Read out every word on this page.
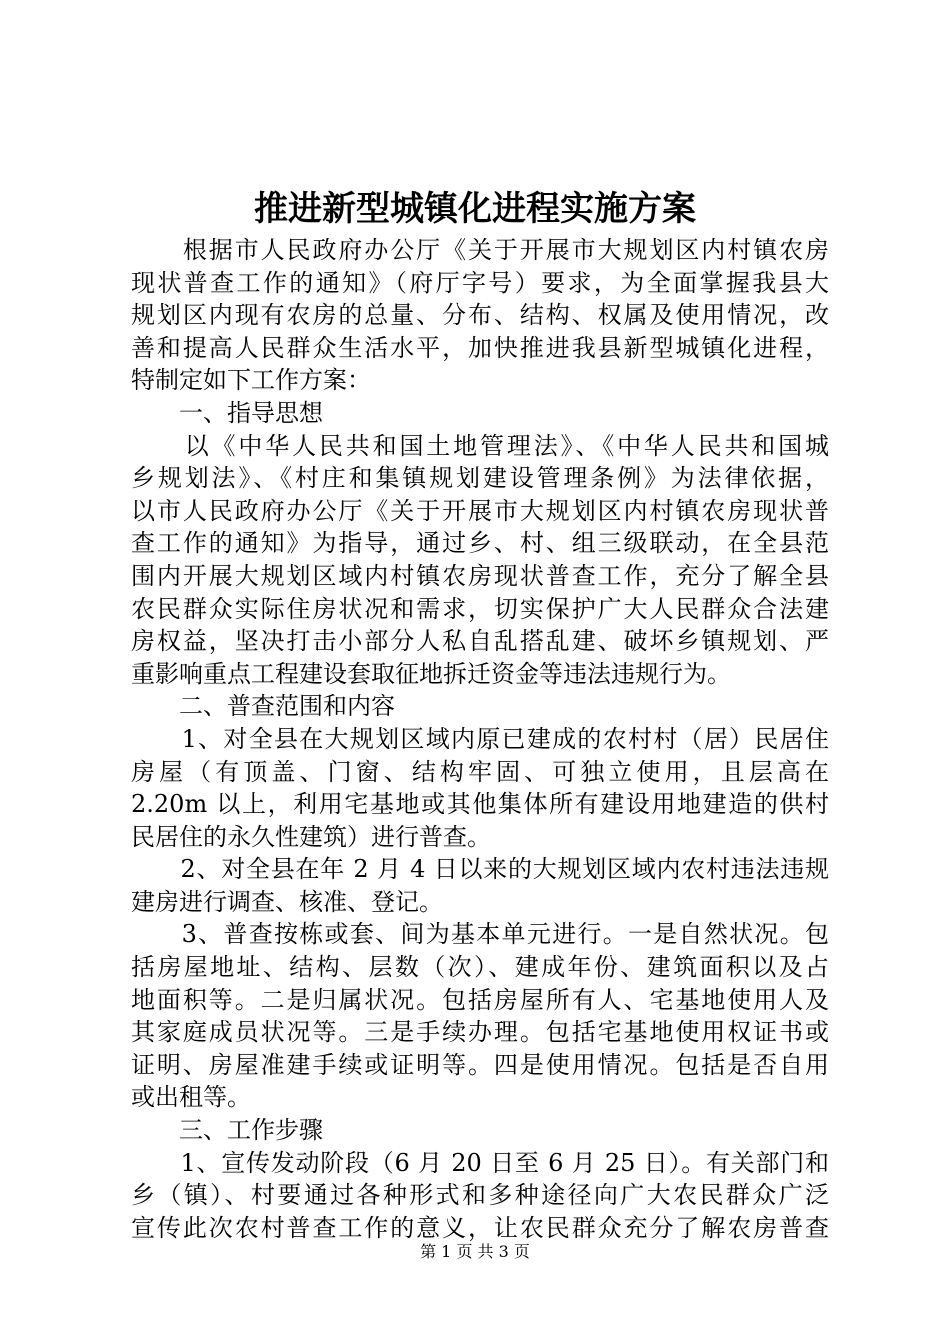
推进新型城镇化进程实施方案
　　根据市人民政府办公厅《关于开展市大规划区内村镇农房
现状普查工作的通知》（府厅字号）要求，为全面掌握我县大
规划区内现有农房的总量、分布、结构、权属及使用情况，改
善和提高人民群众生活水平，加快推进我县新型城镇化进程，
特制定如下工作方案：
　　一、指导思想
　　以《中华人民共和国土地管理法》、《中华人民共和国城
乡规划法》、《村庄和集镇规划建设管理条例》为法律依据，
以市人民政府办公厅《关于开展市大规划区内村镇农房现状普
查工作的通知》为指导，通过乡、村、组三级联动，在全县范
围内开展大规划区域内村镇农房现状普查工作，充分了解全县
农民群众实际住房状况和需求，切实保护广大人民群众合法建
房权益，坚决打击小部分人私自乱搭乱建、破坏乡镇规划、严
重影响重点工程建设套取征地拆迁资金等违法违规行为。
　　二、普查范围和内容
　　1、对全县在大规划区域内原已建成的农村村（居）民居住
房屋（有顶盖、门窗、结构牢固、可独立使用，且层高在
2.20m 以上，利用宅基地或其他集体所有建设用地建造的供村
民居住的永久性建筑）进行普查。
　　2、对全县在年 2 月 4 日以来的大规划区域内农村违法违规
建房进行调查、核准、登记。
　　3、普查按栋或套、间为基本单元进行。一是自然状况。包
括房屋地址、结构、层数（次）、建成年份、建筑面积以及占
地面积等。二是归属状况。包括房屋所有人、宅基地使用人及
其家庭成员状况等。三是手续办理。包括宅基地使用权证书或
证明、房屋准建手续或证明等。四是使用情况。包括是否自用
或出租等。
　　三、工作步骤
　　1、宣传发动阶段（6 月 20 日至 6 月 25 日）。有关部门和
乡（镇）、村要通过各种形式和多种途径向广大农民群众广泛
宣传此次农村普查工作的意义，让农民群众充分了解农房普查
第 1 页 共 3 页
